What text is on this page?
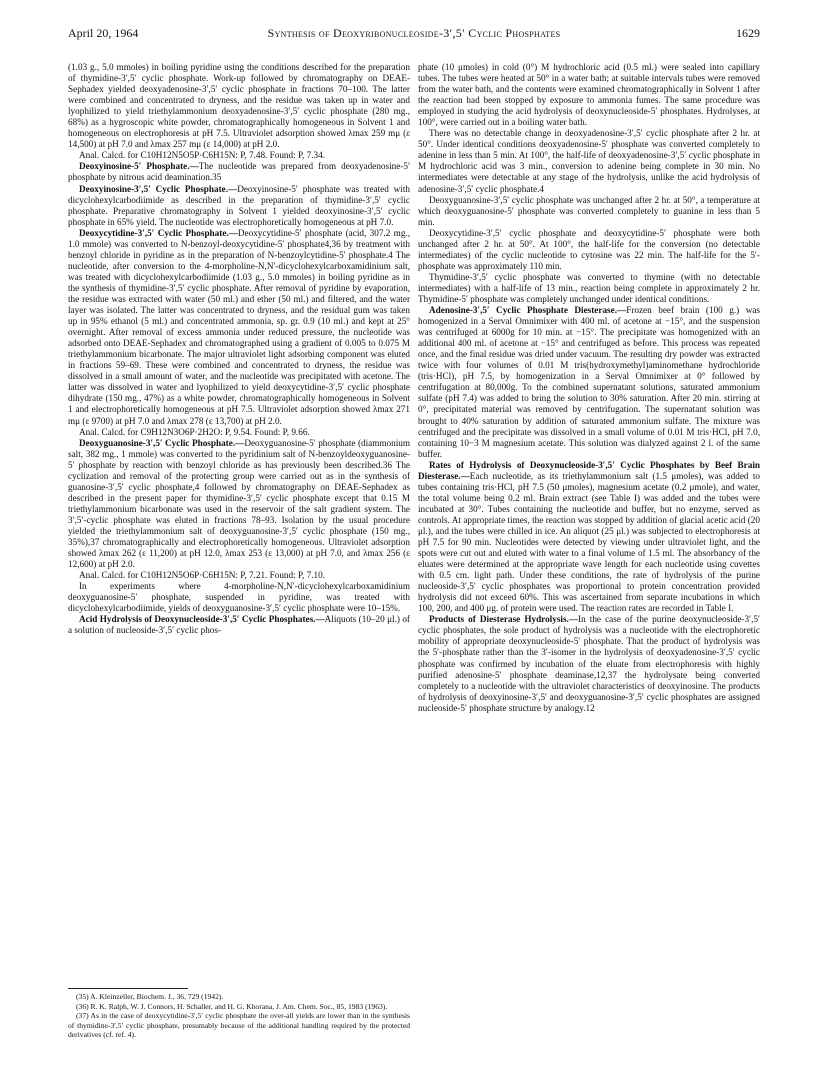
April 20, 1964	Synthesis of Deoxyribonucleoside-3′,5′ Cyclic Phosphates	1629

(1.03 g., 5.0 mmoles) in boiling pyridine using the conditions described for the preparation of thymidine-3′,5′ cyclic phosphate. Work-up followed by chromatography on DEAE-Sephadex yielded deoxyadenosine-3′,5′ cyclic phosphate in fractions 70–100. The latter were combined and concentrated to dryness, and the residue was taken up in water and lyophilized to yield triethylammonium deoxyadenosine-3′,5′ cyclic phosphate (280 mg., 68%) as a hygroscopic white powder, chromatographically homogeneous in Solvent 1 and homogeneous on electrophoresis at pH 7.5. Ultraviolet adsorption showed λmax 259 mμ (ε 14,500) at pH 7.0 and λmax 257 mμ (ε 14,000) at pH 2.0.

Anal. Calcd. for C10H12N5O5P·C6H15N: P, 7.48. Found: P, 7.34.

Deoxyinosine-5′ Phosphate.—The nucleotide was prepared from deoxyadenosine-5′ phosphate by nitrous acid deamination.35

Deoxyinosine-3′,5′ Cyclic Phosphate.—Deoxyinosine-5′ phosphate was treated with dicyclohexylcarbodiimide as described in the preparation of thymidine-3′,5′ cyclic phosphate. Preparative chromatography in Solvent 1 yielded deoxyinosine-3′,5′ cyclic phosphate in 65% yield. The nucleotide was electrophoretically homogeneous at pH 7.0.

Deoxycytidine-3′,5′ Cyclic Phosphate.—Deoxycytidine-5′ phosphate (acid, 307.2 mg., 1.0 mmole) was converted to N-benzoyl-deoxycytidine-5′ phosphate4,36 by treatment with benzoyl chloride in pyridine as in the preparation of N-benzoylcytidine-5′ phosphate.4 The nucleotide, after conversion to the 4-morpholine-N,N′-dicyclohexylcarboxamidinium salt, was treated with dicyclohexylcarbodiimide (1.03 g., 5.0 mmoles) in boiling pyridine as in the synthesis of thymidine-3′,5′ cyclic phosphate. After removal of pyridine by evaporation, the residue was extracted with water (50 ml.) and ether (50 ml.) and filtered, and the water layer was isolated. The latter was concentrated to dryness, and the residual gum was taken up in 95% ethanol (5 ml.) and concentrated ammonia, sp. gr. 0.9 (10 ml.) and kept at 25° overnight. After removal of excess ammonia under reduced pressure, the nucleotide was adsorbed onto DEAE-Sephadex and chromatographed using a gradient of 0.005 to 0.075 M triethylammonium bicarbonate. The major ultraviolet light adsorbing component was eluted in fractions 59–69. These were combined and concentrated to dryness, the residue was dissolved in a small amount of water, and the nucleotide was precipitated with acetone. The latter was dissolved in water and lyophilized to yield deoxycytidine-3′,5′ cyclic phosphate dihydrate (150 mg., 47%) as a white powder, chromatographically homogeneous in Solvent 1 and electrophoretically homogeneous at pH 7.5. Ultraviolet adsorption showed λmax 271 mμ (ε 9700) at pH 7.0 and λmax 278 (ε 13,700) at pH 2.0.

Anal. Calcd. for C9H12N3O6P·2H2O: P, 9.54. Found: P, 9.66.

Deoxyguanosine-3′,5′ Cyclic Phosphate.—Deoxyguanosine-5′ phosphate (diammonium salt, 382 mg., 1 mmole) was converted to the pyridinium salt of N-benzoyldeoxyguanosine-5′ phosphate by reaction with benzoyl chloride as has previously been described.36 The cyclization and removal of the protecting group were carried out as in the synthesis of guanosine-3′,5′ cyclic phosphate,4 followed by chromatography on DEAE-Sephadex as described in the present paper for thymidine-3′,5′ cyclic phosphate except that 0.15 M triethylammonium bicarbonate was used in the reservoir of the salt gradient system. The 3′,5′-cyclic phosphate was eluted in fractions 78–93. Isolation by the usual procedure yielded the triethylammonium salt of deoxyguanosine-3′,5′ cyclic phosphate (150 mg., 35%),37 chromatographically and electrophoretically homogeneous. Ultraviolet adsorption showed λmax 262 (ε 11,200) at pH 12.0, λmax 253 (ε 13,000) at pH 7.0, and λmax 256 (ε 12,600) at pH 2.0.

Anal. Calcd. for C10H12N5O6P·C6H15N: P, 7.21. Found: P, 7.10.

In experiments where 4-morpholine-N,N′-dicyclohexylcarboxamidinium deoxyguanosine-5′ phosphate, suspended in pyridine, was treated with dicyclohexylcarbodiimide, yields of deoxyguanosine-3′,5′ cyclic phosphate were 10–15%.

Acid Hydrolysis of Deoxynucleoside-3′,5′ Cyclic Phosphates.—Aliquots (10–20 μl.) of a solution of nucleoside-3′,5′ cyclic phos-

(35) A. Kleinzeller, Biochem. J., 36, 729 (1942).

(36) R. K. Ralph, W. J. Connors, H. Schaller, and H. G. Khorana, J. Am. Chem. Soc., 85, 1983 (1963).

(37) As in the case of deoxycytidine-3′,5′ cyclic phosphate the over-all yields are lower than in the synthesis of thymidine-3′,5′ cyclic phosphate, presumably because of the additional handling required by the protected derivatives (cf. ref. 4).

phate (10 μmoles) in cold (0°) M hydrochloric acid (0.5 ml.) were sealed into capillary tubes. The tubes were heated at 50° in a water bath; at suitable intervals tubes were removed from the water bath, and the contents were examined chromatographically in Solvent 1 after the reaction had been stopped by exposure to ammonia fumes. The same procedure was employed in studying the acid hydrolysis of deoxynucleoside-5′ phosphates. Hydrolyses, at 100°, were carried out in a boiling water bath.

There was no detectable change in deoxyadenosine-3′,5′ cyclic phosphate after 2 hr. at 50°. Under identical conditions deoxyadenosine-5′ phosphate was converted completely to adenine in less than 5 min. At 100°, the half-life of deoxyadenosine-3′,5′ cyclic phosphate in M hydrochloric acid was 3 min., conversion to adenine being complete in 30 min. No intermediates were detectable at any stage of the hydrolysis, unlike the acid hydrolysis of adenosine-3′,5′ cyclic phosphate.4

Deoxyguanosine-3′,5′ cyclic phosphate was unchanged after 2 hr. at 50°, a temperature at which deoxyguanosine-5′ phosphate was converted completely to guanine in less than 5 min.

Deoxycytidine-3′,5′ cyclic phosphate and deoxycytidine-5′ phosphate were both unchanged after 2 hr. at 50°. At 100°, the half-life for the conversion (no detectable intermediates) of the cyclic nucleotide to cytosine was 22 min. The half-life for the 5′-phosphate was approximately 110 min.

Thymidine-3′,5′ cyclic phosphate was converted to thymine (with no detectable intermediates) with a half-life of 13 min., reaction being complete in approximately 2 hr. Thymidine-5′ phosphate was completely unchanged under identical conditions.

Adenosine-3′,5′ Cyclic Phosphate Diesterase.—Frozen beef brain (100 g.) was homogenized in a Serval Omnimixer with 400 ml. of acetone at −15°, and the suspension was centrifuged at 6000g for 10 min. at −15°. The precipitate was homogenized with an additional 400 ml. of acetone at −15° and centrifuged as before. This process was repeated once, and the final residue was dried under vacuum. The resulting dry powder was extracted twice with four volumes of 0.01 M tris(hydroxymethyl)aminomethane hydrochloride (tris·HCl), pH 7.5, by homogenization in a Serval Omnimixer at 0° followed by centrifugation at 80,000g. To the combined supernatant solutions, saturated ammonium sulfate (pH 7.4) was added to bring the solution to 30% saturation. After 20 min. stirring at 0°, precipitated material was removed by centrifugation. The supernatant solution was brought to 40% saturation by addition of saturated ammonium sulfate. The mixture was centrifuged and the precipitate was dissolved in a small volume of 0.01 M tris·HCl, pH 7.0, containing 10−3 M magnesium acetate. This solution was dialyzed against 2 l. of the same buffer.

Rates of Hydrolysis of Deoxynucleoside-3′,5′ Cyclic Phosphates by Beef Brain Diesterase.—Each nucleotide, as its triethylammonium salt (1.5 μmoles), was added to tubes containing tris·HCl, pH 7.5 (50 μmoles), magnesium acetate (0.2 μmole), and water, the total volume being 0.2 ml. Brain extract (see Table I) was added and the tubes were incubated at 30°. Tubes containing the nucleotide and buffer, but no enzyme, served as controls. At appropriate times, the reaction was stopped by addition of glacial acetic acid (20 μl.), and the tubes were chilled in ice. An aliquot (25 μl.) was subjected to electrophoresis at pH 7.5 for 90 min. Nucleotides were detected by viewing under ultraviolet light, and the spots were cut out and eluted with water to a final volume of 1.5 ml. The absorbancy of the eluates were determined at the appropriate wave length for each nucleotide using cuvettes with 0.5 cm. light path. Under these conditions, the rate of hydrolysis of the purine nucleoside-3′,5′ cyclic phosphates was proportional to protein concentration provided hydrolysis did not exceed 60%. This was ascertained from separate incubations in which 100, 200, and 400 μg. of protein were used. The reaction rates are recorded in Table I.

Products of Diesterase Hydrolysis.—In the case of the purine deoxynucleoside-3′,5′ cyclic phosphates, the sole product of hydrolysis was a nucleotide with the electrophoretic mobility of appropriate deoxynucleoside-5′ phosphate. That the product of hydrolysis was the 5′-phosphate rather than the 3′-isomer in the hydrolysis of deoxyadenosine-3′,5′ cyclic phosphate was confirmed by incubation of the eluate from electrophoresis with highly purified adenosine-5′ phosphate deaminase,12,37 the hydrolysate being converted completely to a nucleotide with the ultraviolet characteristics of deoxyinosine. The products of hydrolysis of deoxyinosine-3′,5′ and deoxyguanosine-3′,5′ cyclic phosphates are assigned nucleoside-5′ phosphate structure by analogy.12
